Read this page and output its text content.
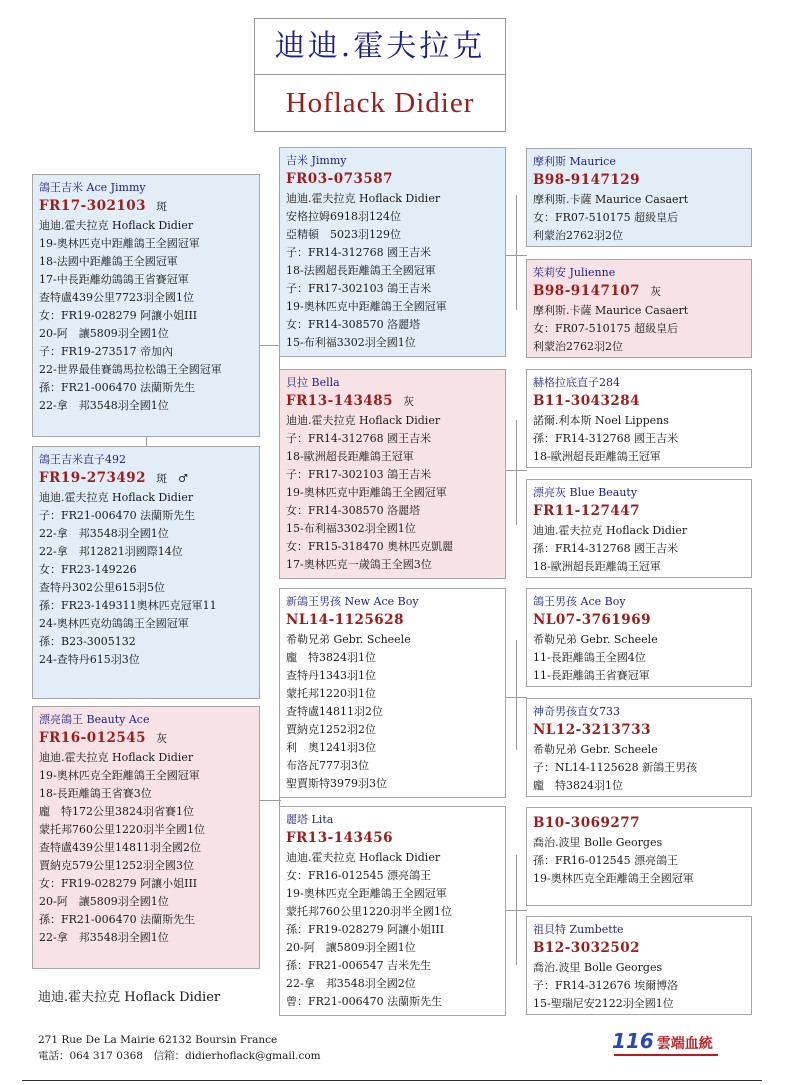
迪迪.霍夫拉克
Hoflack Didier
鴿王吉米 Ace Jimmy
FR17-302103 斑
迪迪.霍夫拉克 Hoflack Didier
19-奧林匹克中距離鴿王全國冠軍
18-法國中距離鴿王全國冠軍
17-中長距離幼鴿鴿王省賽冠軍
查特盧439公里7723羽全國1位
女：FR19-028279 阿讓小姐III
20-阿　讓5809羽全國1位
子：FR19-273517 帝加內
22-世界最佳賽鴿馬拉松鴿王全國冠軍
孫：FR21-006470 法蘭斯先生
22-拿　邦3548羽全國1位
鴿王吉米直子492
FR19-273492 斑　♂
迪迪.霍夫拉克 Hoflack Didier
子：FR21-006470 法蘭斯先生
22-拿　邦3548羽全國1位
22-拿　邦12821羽國際14位
女：FR23-149226
查特丹302公里615羽5位
孫：FR23-149311奧林匹克冠軍11
24-奧林匹克幼鴿鴿王全國冠軍
孫：B23-3005132
24-查特丹615羽3位
漂亮鴿王 Beauty Ace
FR16-012545 灰
迪迪.霍夫拉克 Hoflack Didier
19-奧林匹克全距離鴿王全國冠軍
18-長距離鴿王省賽3位
龐　特172公里3824羽省賽1位
蒙托邦760公里1220羽半全國1位
查特盧439公里14811羽全國2位
賈納克579公里1252羽全國3位
女：FR19-028279 阿讓小姐III
20-阿　讓5809羽全國1位
孫：FR21-006470 法蘭斯先生
22-拿　邦3548羽全國1位
吉米 Jimmy
FR03-073587
迪迪.霍夫拉克 Hoflack Didier
安格拉姆6918羽124位
亞精頓　5023羽129位
子：FR14-312768 國王吉米
18-法國超長距離鴿王全國冠軍
子：FR17-302103 鴿王吉米
19-奧林匹克中距離鴿王全國冠軍
女：FR14-308570 洛麗塔
15-布利福3302羽全國1位
貝拉 Bella
FR13-143485 灰
迪迪.霍夫拉克 Hoflack Didier
子：FR14-312768 國王吉米
18-歐洲超長距離鴿王冠軍
子：FR17-302103 鴿王吉米
19-奧林匹克中距離鴿王全國冠軍
女：FR14-308570 洛麗塔
15-布利福3302羽全國1位
女：FR15-318470 奧林匹克凱麗
17-奧林匹克一歲鴿王全國3位
新鴿王男孩 New Ace Boy
NL14-1125628
希勒兄弟 Gebr. Scheele
龐　特3824羽1位
查特丹1343羽1位
蒙托邦1220羽1位
查特盧14811羽2位
賈納克1252羽2位
利　奧1241羽3位
布洛瓦777羽3位
聖賈斯特3979羽3位
麗塔 Lita
FR13-143456
迪迪.霍夫拉克 Hoflack Didier
女：FR16-012545 漂亮鴿王
19-奧林匹克全距離鴿王全國冠軍
蒙托邦760公里1220羽半全國1位
孫：FR19-028279 阿讓小姐III
20-阿　讓5809羽全國1位
孫：FR21-006547 吉米先生
22-拿　邦3548羽全國2位
曾：FR21-006470 法蘭斯先生
摩利斯 Maurice
B98-9147129
摩利斯.卡薩 Maurice Casaert
女：FR07-510175 超級皇后
利蒙治2762羽2位
茱莉安 Julienne
B98-9147107 灰
摩利斯.卡薩 Maurice Casaert
女：FR07-510175 超級皇后
利蒙治2762羽2位
赫格拉底直子284
B11-3043284
諾爾.利本斯 Noel Lippens
孫：FR14-312768 國王吉米
18-歐洲超長距離鴿王冠軍
漂亮灰 Blue Beauty
FR11-127447
迪迪.霍夫拉克 Hoflack Didier
孫：FR14-312768 國王吉米
18-歐洲超長距離鴿王冠軍
鴿王男孩 Ace Boy
NL07-3761969
希勒兄弟 Gebr. Scheele
11-長距離鴿王全國4位
11-長距離鴿王省賽冠軍
神奇男孩直女733
NL12-3213733
希勒兄弟 Gebr. Scheele
子：NL14-1125628 新鴿王男孩
龐　特3824羽1位
B10-3069277
喬治.波里 Bolle Georges
孫：FR16-012545 漂亮鴿王
19-奧林匹克全距離鴿王全國冠軍
祖貝特 Zumbette
B12-3032502
喬治.波里 Bolle Georges
子：FR14-312676 埃爾博洛
15-聖瑞尼安2122羽全國1位
迪迪.霍夫拉克 Hoflack Didier
271 Rue De La Mairie 62132 Boursin France
電話：064 317 0368　信箱：didierhoflack@gmail.com
116 雲端血統
